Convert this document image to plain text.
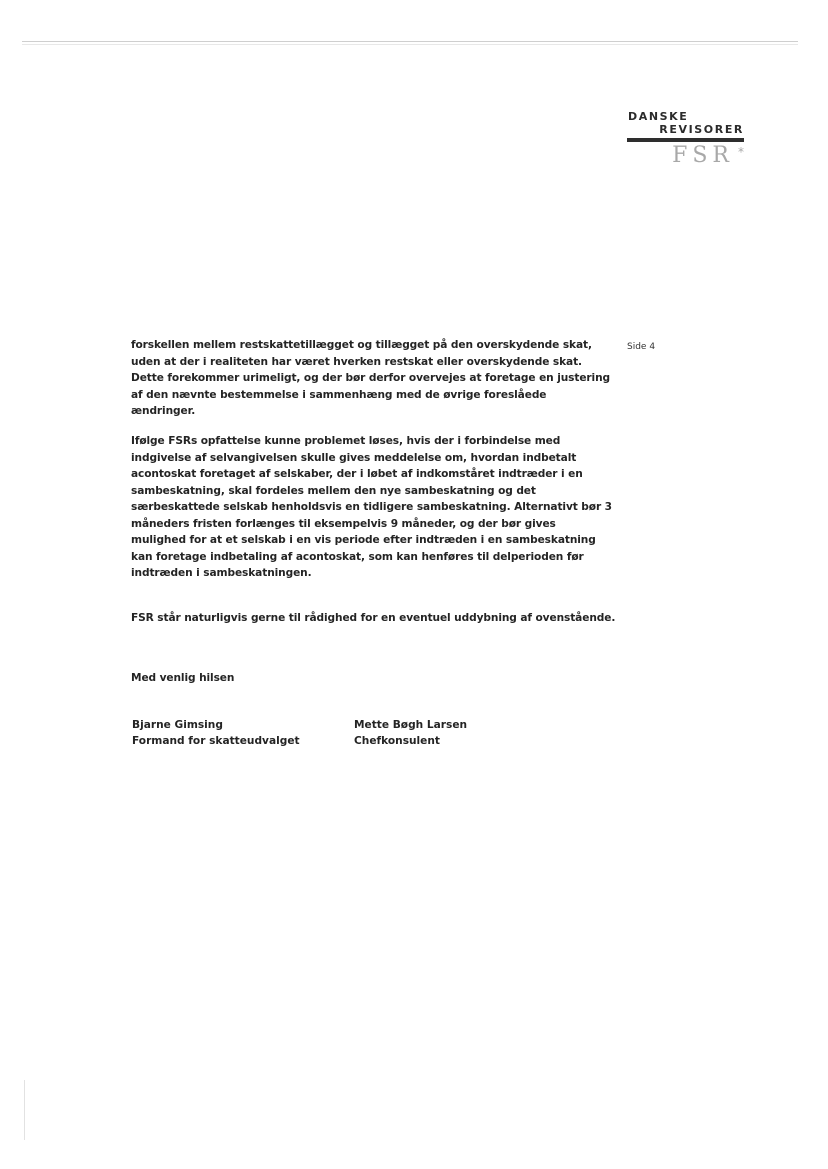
DANSKE
REVISORER
FSR *
Side 4
forskellen mellem restskattetillægget og tillægget på den overskydende skat,
uden at der i realiteten har været hverken restskat eller overskydende skat.
Dette forekommer urimeligt, og der bør derfor overvejes at foretage en justering
af den nævnte bestemmelse i sammenhæng med de øvrige foreslåede
ændringer.
Ifølge FSRs opfattelse kunne problemet løses, hvis der i forbindelse med
indgivelse af selvangivelsen skulle gives meddelelse om, hvordan indbetalt
acontoskat foretaget af selskaber, der i løbet af indkomståret indtræder i en
sambeskatning, skal fordeles mellem den nye sambeskatning og det
særbeskattede selskab henholdsvis en tidligere sambeskatning. Alternativt bør 3
måneders fristen forlænges til eksempelvis 9 måneder, og der bør gives
mulighed for at et selskab i en vis periode efter indtræden i en sambeskatning
kan foretage indbetaling af acontoskat, som kan henføres til delperioden før
indtræden i sambeskatningen.
FSR står naturligvis gerne til rådighed for en eventuel uddybning af ovenstående.
Med venlig hilsen
Bjarne Gimsing
Formand for skatteudvalget
Mette Bøgh Larsen
Chefkonsulent
